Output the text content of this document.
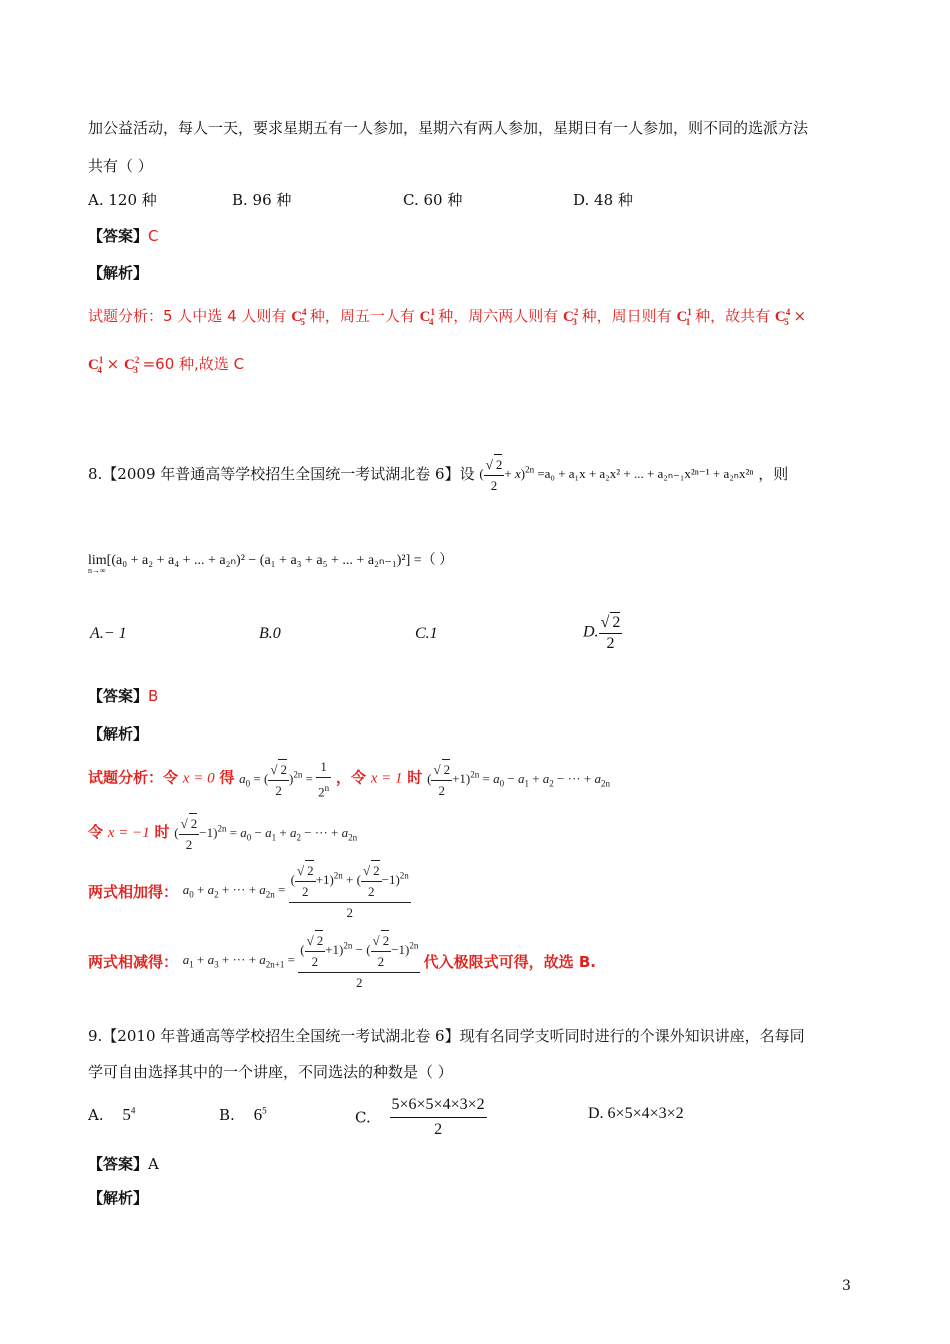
加公益活动，每人一天，要求星期五有一人参加，星期六有两人参加，星期日有一人参加，则不同的选派方法
共有（ ）
A. 120 种	B. 96 种	C. 60 种	D. 48 种
【答案】C
【解析】
试题分析：5 人中选 4 人则有 $C^4_5$ 种，周五一人有 $C^1_4$ 种，周六两人则有 $C^2_3$ 种，周日则有 $C^1_1$ 种，故共有 $C^4_5$ ×
$C^1_4 \times C^2_3 =60$ 种,故选 C
8.【2009 年普通高等学校招生全国统一考试湖北卷 6】设 ( $\frac{√ 2}{2} + x)^{2n} =a_0 + a_1x + a_2x^2$ + ... + a₂ₙ₋₁x²ⁿ⁻¹ + a₂ₙx²ⁿ ，则
lim[(a₀ + a₂ + a₄ + ... + a₂ₙ)² − (a₁ + a₃ + a₅ + ... + a₂ₙ₋₁)²] =（ ）
n→∞
A.− 1	B.0	C.1	D. $\frac{√ 2}{2}$
【答案】B
【解析】
试题分析：令 x = 0 得 $a_0$ = ( $\frac{√ 2}{2} )^{2n} = \frac{1}{2^n}$ ，令 x = 1 时 ( $\frac{√ 2}{2} +1)^{2n} = a_0 - a_1 + a_2$ − ··· + $a_{2n}$
令 x = −1 时 ( $\frac{√ 2}{2} -1)^{2n} = a_0 - a_1 + a_2$ − ··· + $a_{2n}$
两式相加得： $a_0 + a_2$ + ··· + $a_{2n} = \frac{( \frac{√ 2}{2} +1)^{2n} + ( \frac{√ 2}{2} -1)^{2n}}{2}$
两式相减得： $a_1 + a_3$ + ··· + $a_{2n+1} = \frac{( \frac{√ 2}{2} +1)^{2n} - ( \frac{√ 2}{2} -1)^{2n}}{2}$ 代入极限式可得，故选 B.
9.【2010 年普通高等学校招生全国统一考试湖北卷 6】现有名同学支听同时进行的个课外知识讲座，名每同
学可自由选择其中的一个讲座，不同选法的种数是（ ）
A. $5^4$	B. $6^5$	C. $\frac{5\times 6\times 5\times 4\times 3\times 2}{2}$	D. 6×5×4×3×2
【答案】A
【解析】
3
